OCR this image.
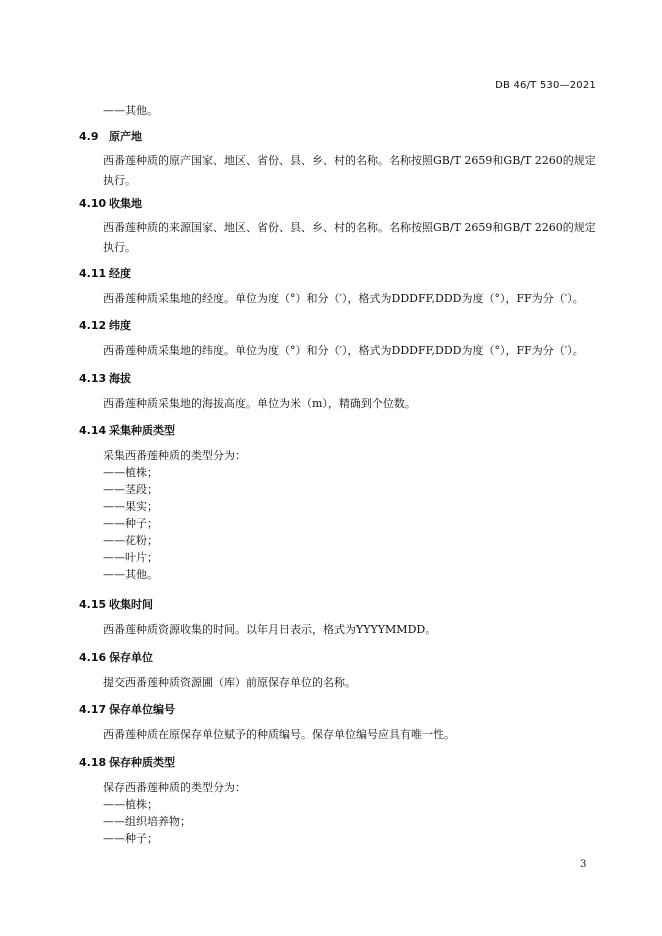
DB 46/T 530—2021
——其他。
4.9 原产地
西番莲种质的原产国家、地区、省份、县、乡、村的名称。名称按照GB/T 2659和GB/T 2260的规定执行。
4.10 收集地
西番莲种质的来源国家、地区、省份、县、乡、村的名称。名称按照GB/T 2659和GB/T 2260的规定执行。
4.11 经度
西番莲种质采集地的经度。单位为度（°）和分（′），格式为DDDFF,DDD为度（°），FF为分（′）。
4.12 纬度
西番莲种质采集地的纬度。单位为度（°）和分（′），格式为DDDFF,DDD为度（°），FF为分（′）。
4.13 海拔
西番莲种质采集地的海拔高度。单位为米（m），精确到个位数。
4.14 采集种质类型
采集西番莲种质的类型分为：
——植株；
——茎段；
——果实；
——种子；
——花粉；
——叶片；
——其他。
4.15 收集时间
西番莲种质资源收集的时间。以年月日表示，格式为YYYYMMDD。
4.16 保存单位
提交西番莲种质资源圃（库）前原保存单位的名称。
4.17 保存单位编号
西番莲种质在原保存单位赋予的种质编号。保存单位编号应具有唯一性。
4.18 保存种质类型
保存西番莲种质的类型分为：
——植株；
——组织培养物；
——种子；
3
